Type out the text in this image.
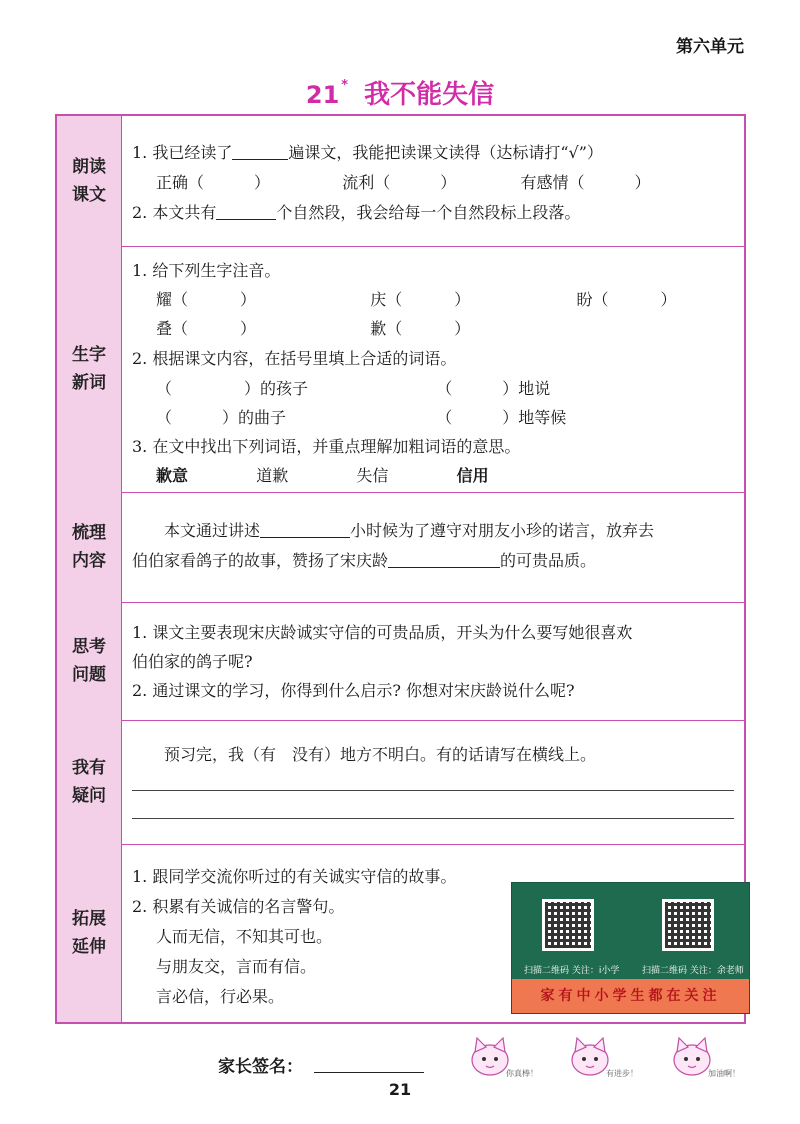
第六单元
21 * 我不能失信
朗读
课文
1. 我已经读了	遍课文，我能把读课文读得（达标请打“√”）
正确（	）	流利（	）	有感情（	）
2. 本文共有	个自然段，我会给每一个自然段标上段落。
生字
新词
1. 给下列生字注音。
耀（	）	庆（	）	盼（	）
叠（	）	歉（	）
2. 根据课文内容，在括号里填上合适的词语。
（	）的孩子	（	）地说
（	）的曲子	（	）地等候
3. 在文中找出下列词语，并重点理解加粗词语的意思。
歉意	道歉	失信	信用
梳理
内容
本文通过讲述	小时候为了遵守对朋友小珍的诺言，放弃去
伯伯家看鸽子的故事，赞扬了宋庆龄	的可贵品质。
思考
问题
1. 课文主要表现宋庆龄诚实守信的可贵品质，开头为什么要写她很喜欢
伯伯家的鸽子呢?
2. 通过课文的学习，你得到什么启示? 你想对宋庆龄说什么呢?
我有
疑问
预习完，我（有　没有）地方不明白。有的话请写在横线上。
拓展
延伸
1. 跟同学交流你听过的有关诚实守信的故事。
2. 积累有关诚信的名言警句。
人而无信，不知其可也。
与朋友交，言而有信。
言必信，行必果。
扫描二维码 关注：i小学	扫描二维码 关注：余老师
家有中小学生都在关注
家长签名：	你真棒！	有进步！	加油啊！
21
